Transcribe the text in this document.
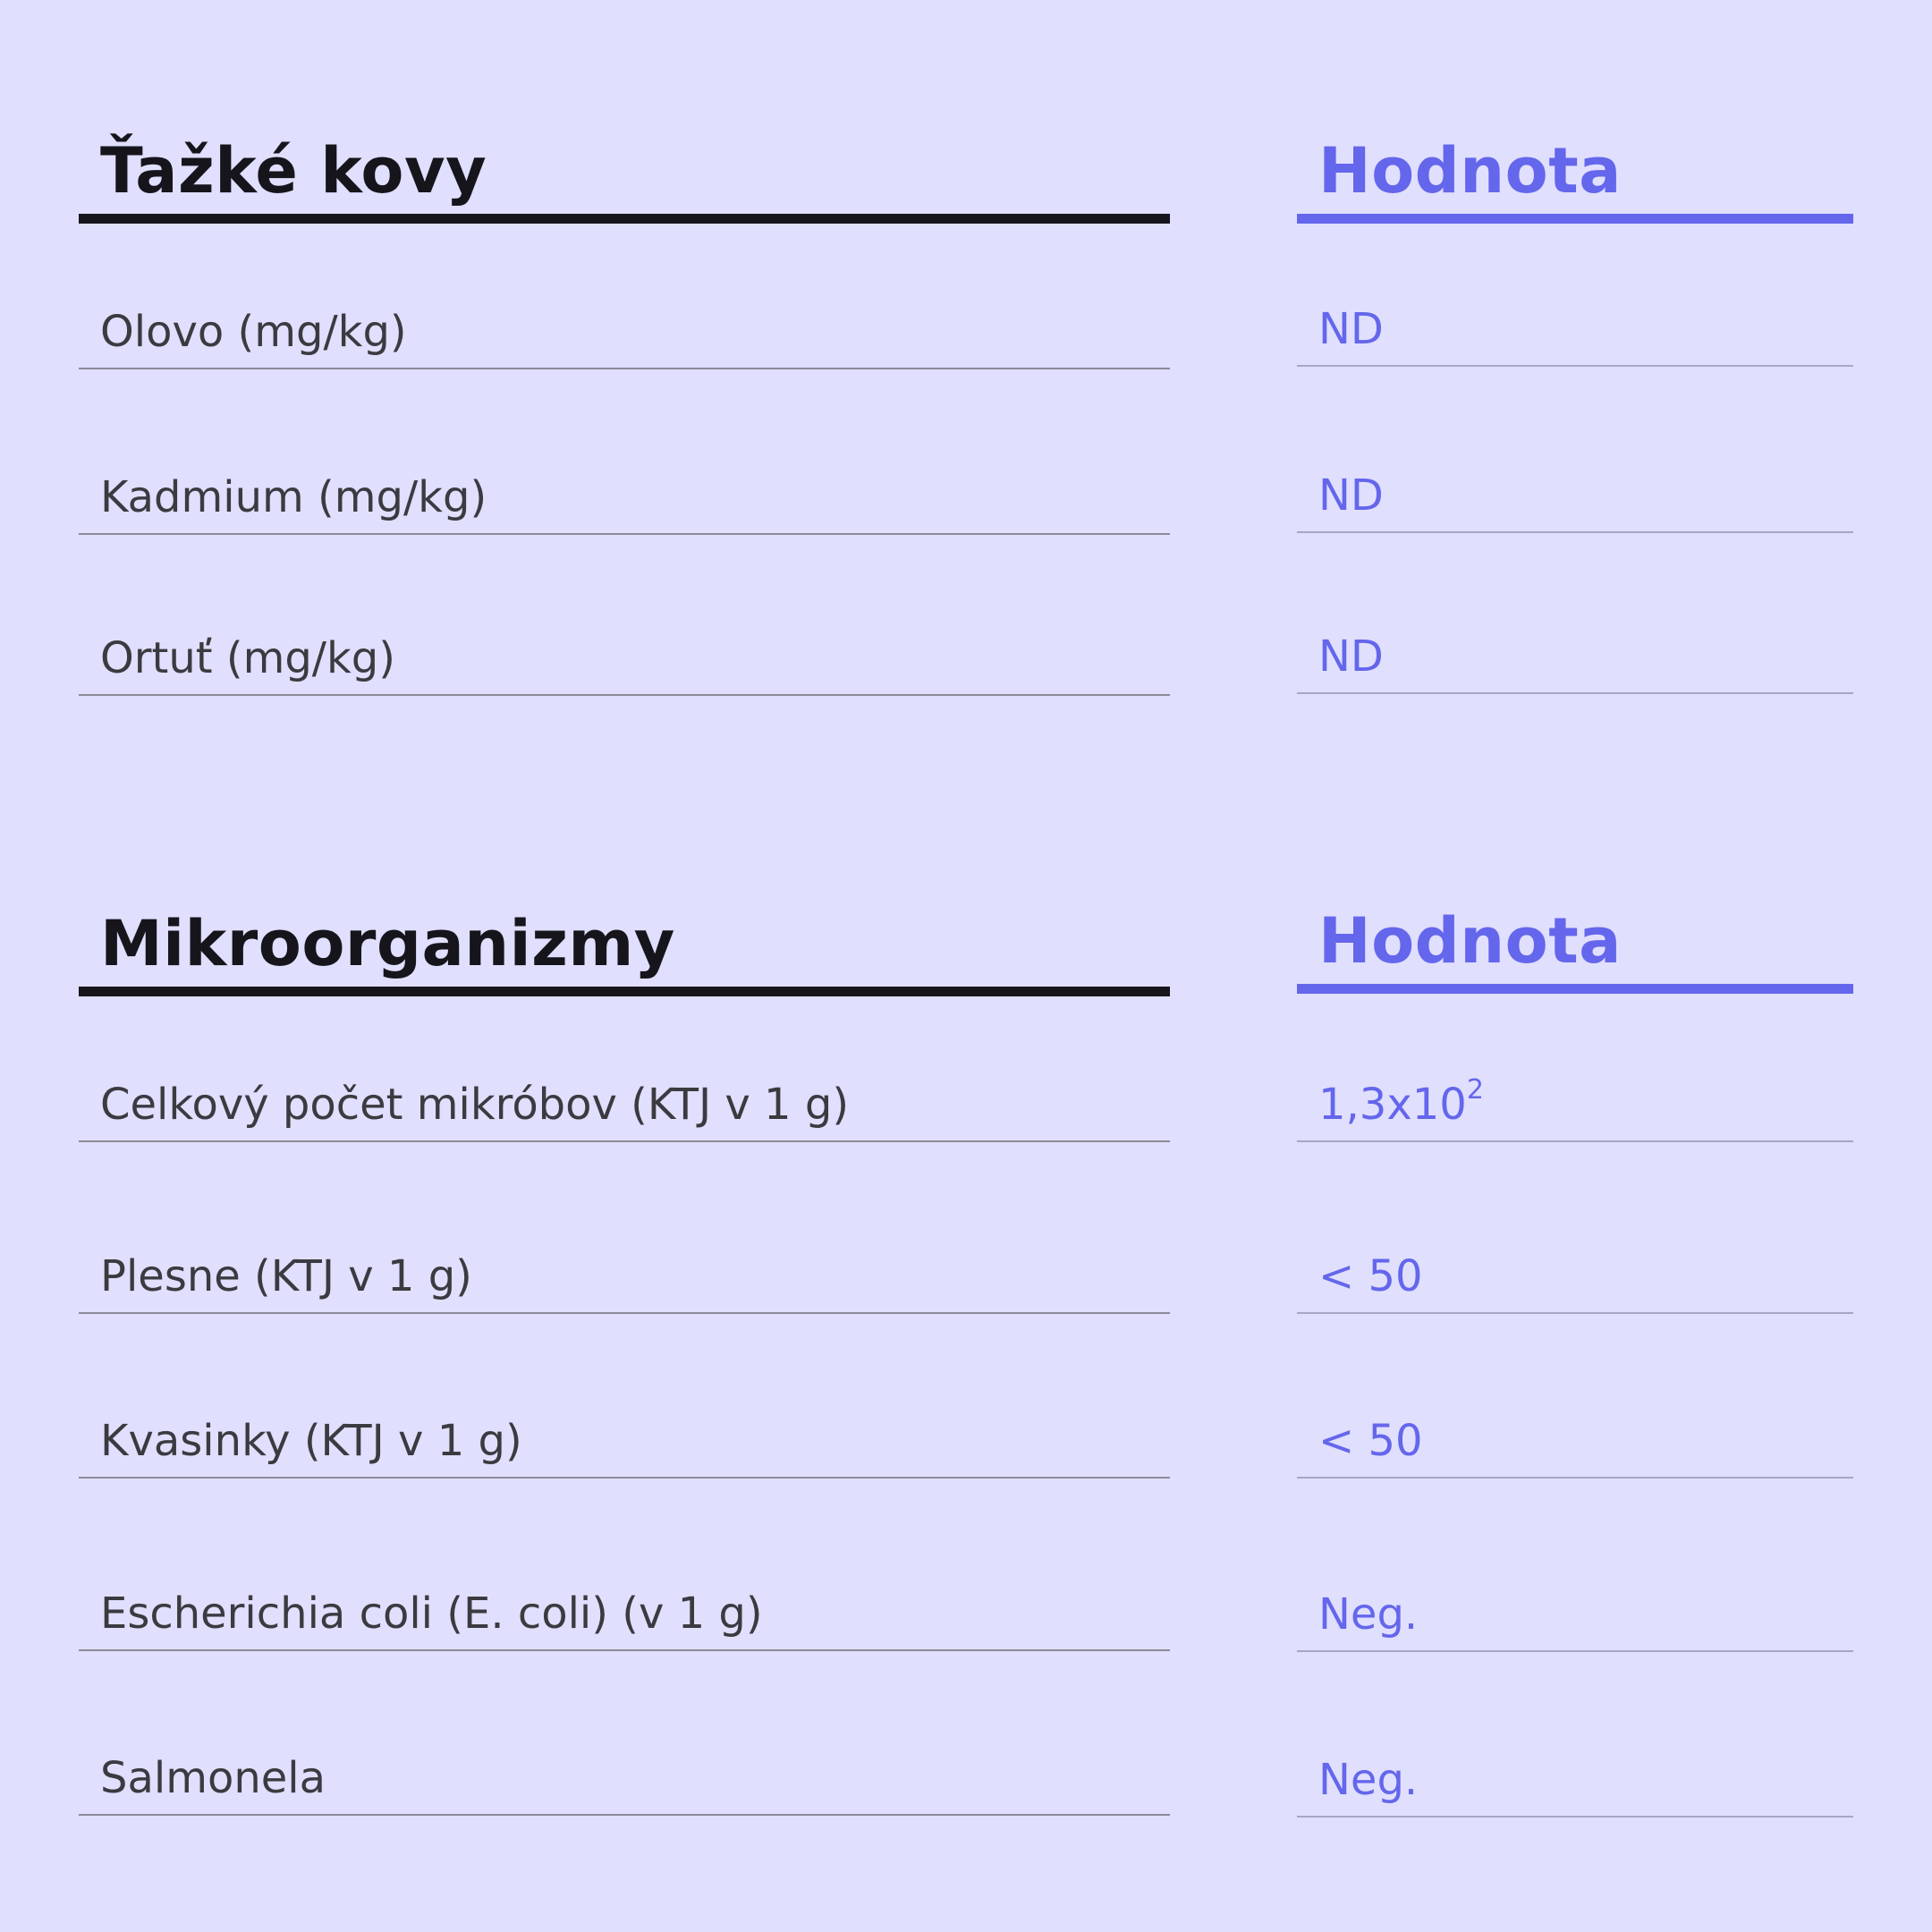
Ťažké kovy	Hodnota
Olovo (mg/kg)	ND
Kadmium (mg/kg)	ND
Ortuť (mg/kg)	ND
Mikroorganizmy	Hodnota
Celkový počet mikróbov (KTJ v 1 g)	$1,3x10^2$
Plesne (KTJ v 1 g)	< 50
Kvasinky (KTJ v 1 g)	< 50
Escherichia coli (E. coli) (v 1 g)	Neg.
Salmonela	Neg.
